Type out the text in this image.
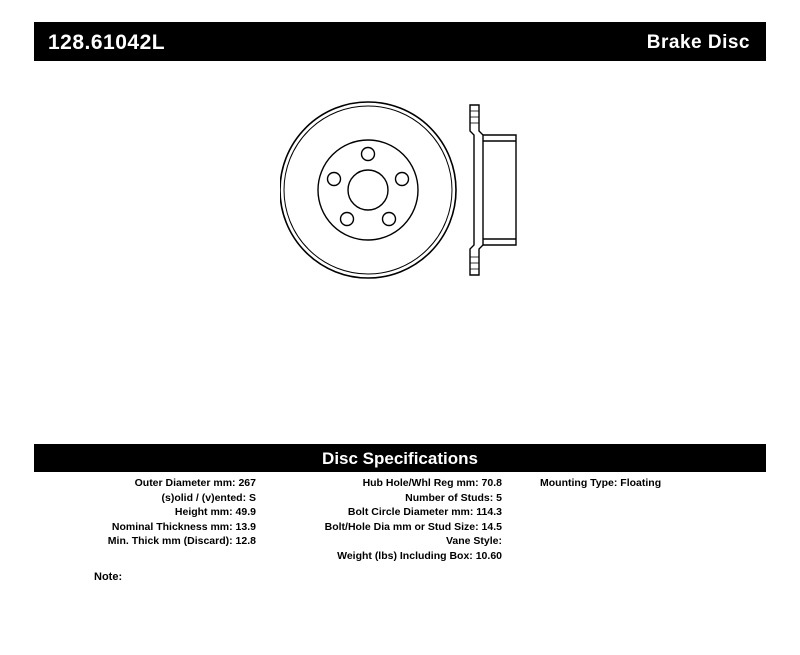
128.61042L	Brake Disc
Disc Specifications
Outer Diameter mm: 267
(s)olid / (v)ented: S
Height mm: 49.9
Nominal Thickness mm: 13.9
Min. Thick mm (Discard): 12.8
Hub Hole/Whl Reg mm: 70.8
Number of Studs: 5
Bolt Circle Diameter mm: 114.3
Bolt/Hole Dia mm or Stud Size: 14.5
Vane Style:
Weight (lbs) Including Box: 10.60
Mounting Type: Floating
Note:
